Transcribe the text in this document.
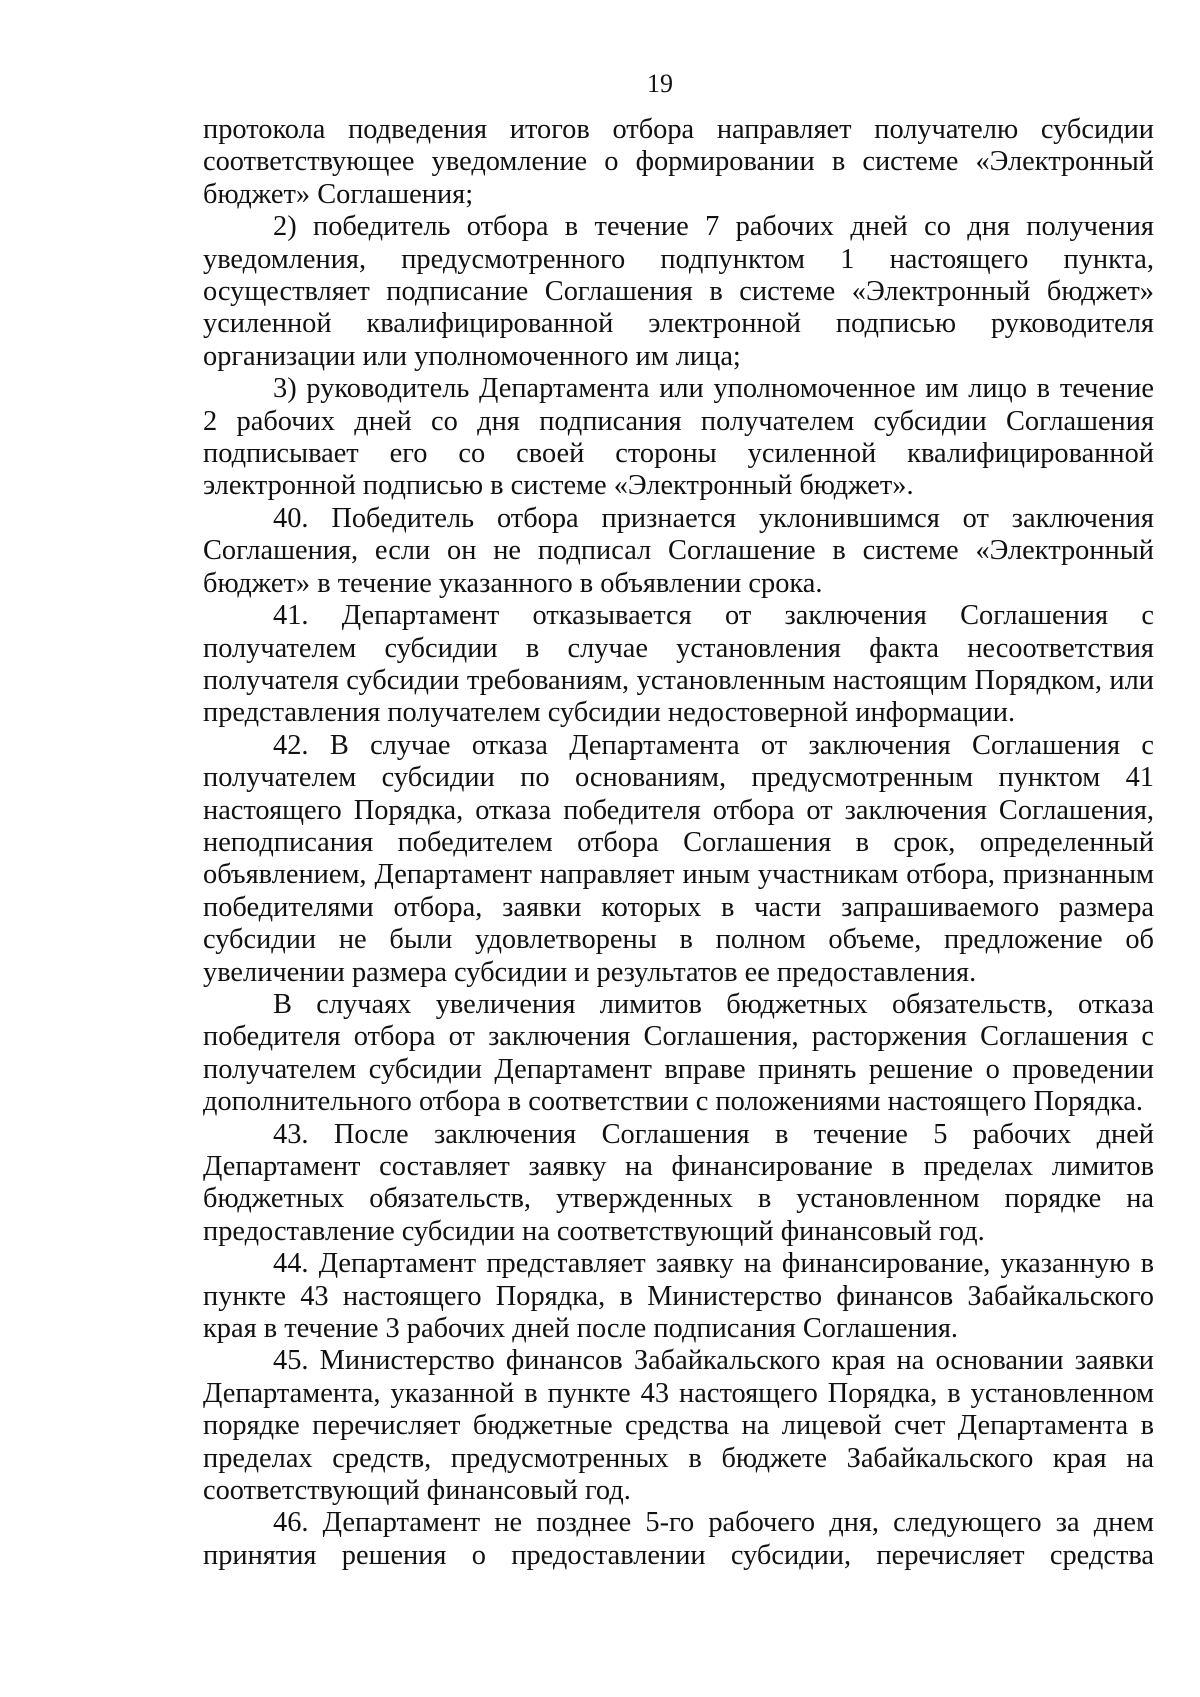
19

протокола подведения итогов отбора направляет получателю субсидии соответствующее уведомление о формировании в системе «Электронный бюджет» Соглашения;

2) победитель отбора в течение 7 рабочих дней со дня получения уведомления, предусмотренного подпунктом 1 настоящего пункта, осуществляет подписание Соглашения в системе «Электронный бюджет» усиленной квалифицированной электронной подписью руководителя организации или уполномоченного им лица;

3) руководитель Департамента или уполномоченное им лицо в течение 2 рабочих дней со дня подписания получателем субсидии Соглашения подписывает его со своей стороны усиленной квалифицированной электронной подписью в системе «Электронный бюджет».

40. Победитель отбора признается уклонившимся от заключения Соглашения, если он не подписал Соглашение в системе «Электронный бюджет» в течение указанного в объявлении срока.

41. Департамент отказывается от заключения Соглашения с получателем субсидии в случае установления факта несоответствия получателя субсидии требованиям, установленным настоящим Порядком, или представления получателем субсидии недостоверной информации.

42. В случае отказа Департамента от заключения Соглашения с получателем субсидии по основаниям, предусмотренным пунктом 41 настоящего Порядка, отказа победителя отбора от заключения Соглашения, неподписания победителем отбора Соглашения в срок, определенный объявлением, Департамент направляет иным участникам отбора, признанным победителями отбора, заявки которых в части запрашиваемого размера субсидии не были удовлетворены в полном объеме, предложение об увеличении размера субсидии и результатов ее предоставления.

В случаях увеличения лимитов бюджетных обязательств, отказа победителя отбора от заключения Соглашения, расторжения Соглашения с получателем субсидии Департамент вправе принять решение о проведении дополнительного отбора в соответствии с положениями настоящего Порядка.

43. После заключения Соглашения в течение 5 рабочих дней Департамент составляет заявку на финансирование в пределах лимитов бюджетных обязательств, утвержденных в установленном порядке на предоставление субсидии на соответствующий финансовый год.

44. Департамент представляет заявку на финансирование, указанную в пункте 43 настоящего Порядка, в Министерство финансов Забайкальского края в течение 3 рабочих дней после подписания Соглашения.

45. Министерство финансов Забайкальского края на основании заявки Департамента, указанной в пункте 43 настоящего Порядка, в установленном порядке перечисляет бюджетные средства на лицевой счет Департамента в пределах средств, предусмотренных в бюджете Забайкальского края на соответствующий финансовый год.

46. Департамент не позднее 5-го рабочего дня, следующего за днем принятия решения о предоставлении субсидии, перечисляет средства
